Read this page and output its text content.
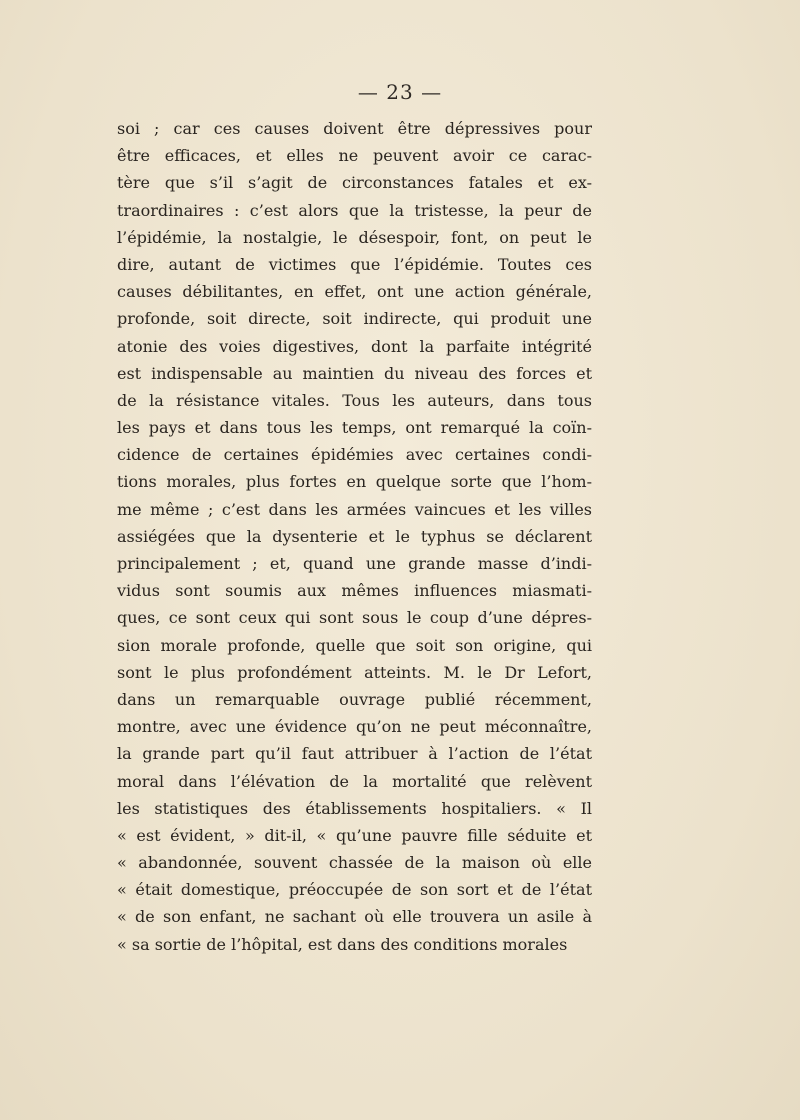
— 23 —
soi ; car ces causes doivent être dépressives pour
être efficaces, et elles ne peuvent avoir ce carac-
tère que s’il s’agit de circonstances fatales et ex-
traordinaires : c’est alors que la tristesse, la peur de
l’épidémie, la nostalgie, le désespoir, font, on peut le
dire, autant de victimes que l’épidémie. Toutes ces
causes débilitantes, en effet, ont une action générale,
profonde, soit directe, soit indirecte, qui produit une
atonie des voies digestives, dont la parfaite intégrité
est indispensable au maintien du niveau des forces et
de la résistance vitales. Tous les auteurs, dans tous
les pays et dans tous les temps, ont remarqué la coïn-
cidence de certaines épidémies avec certaines condi-
tions morales, plus fortes en quelque sorte que l’hom-
me même ; c’est dans les armées vaincues et les villes
assiégées que la dysenterie et le typhus se déclarent
principalement ; et, quand une grande masse d’indi-
vidus sont soumis aux mêmes influences miasmati-
ques, ce sont ceux qui sont sous le coup d’une dépres-
sion morale profonde, quelle que soit son origine, qui
sont le plus profondément atteints. M. le Dr Lefort,
dans un remarquable ouvrage publié récemment,
montre, avec une évidence qu’on ne peut méconnaître,
la grande part qu’il faut attribuer à l’action de l’état
moral dans l’élévation de la mortalité que relèvent
les statistiques des établissements hospitaliers. « Il
« est évident, » dit-il, « qu’une pauvre fille séduite et
« abandonnée, souvent chassée de la maison où elle
« était domestique, préoccupée de son sort et de l’état
« de son enfant, ne sachant où elle trouvera un asile à
« sa sortie de l’hôpital, est dans des conditions morales
